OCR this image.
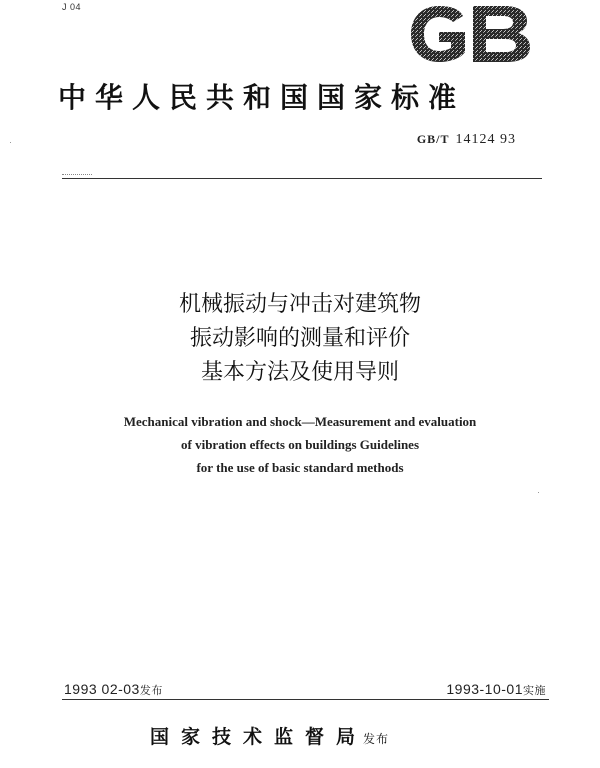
J 04
中华人民共和国国家标准
GB/T 14124 93
机械振动与冲击对建筑物
振动影响的测量和评价
基本方法及使用导则
Mechanical vibration and shock—Measurement and evaluation
of vibration effects on buildings Guidelines
for the use of basic standard methods
1993 02-03发布	1993-10-01实施
国家技术监督局发布
